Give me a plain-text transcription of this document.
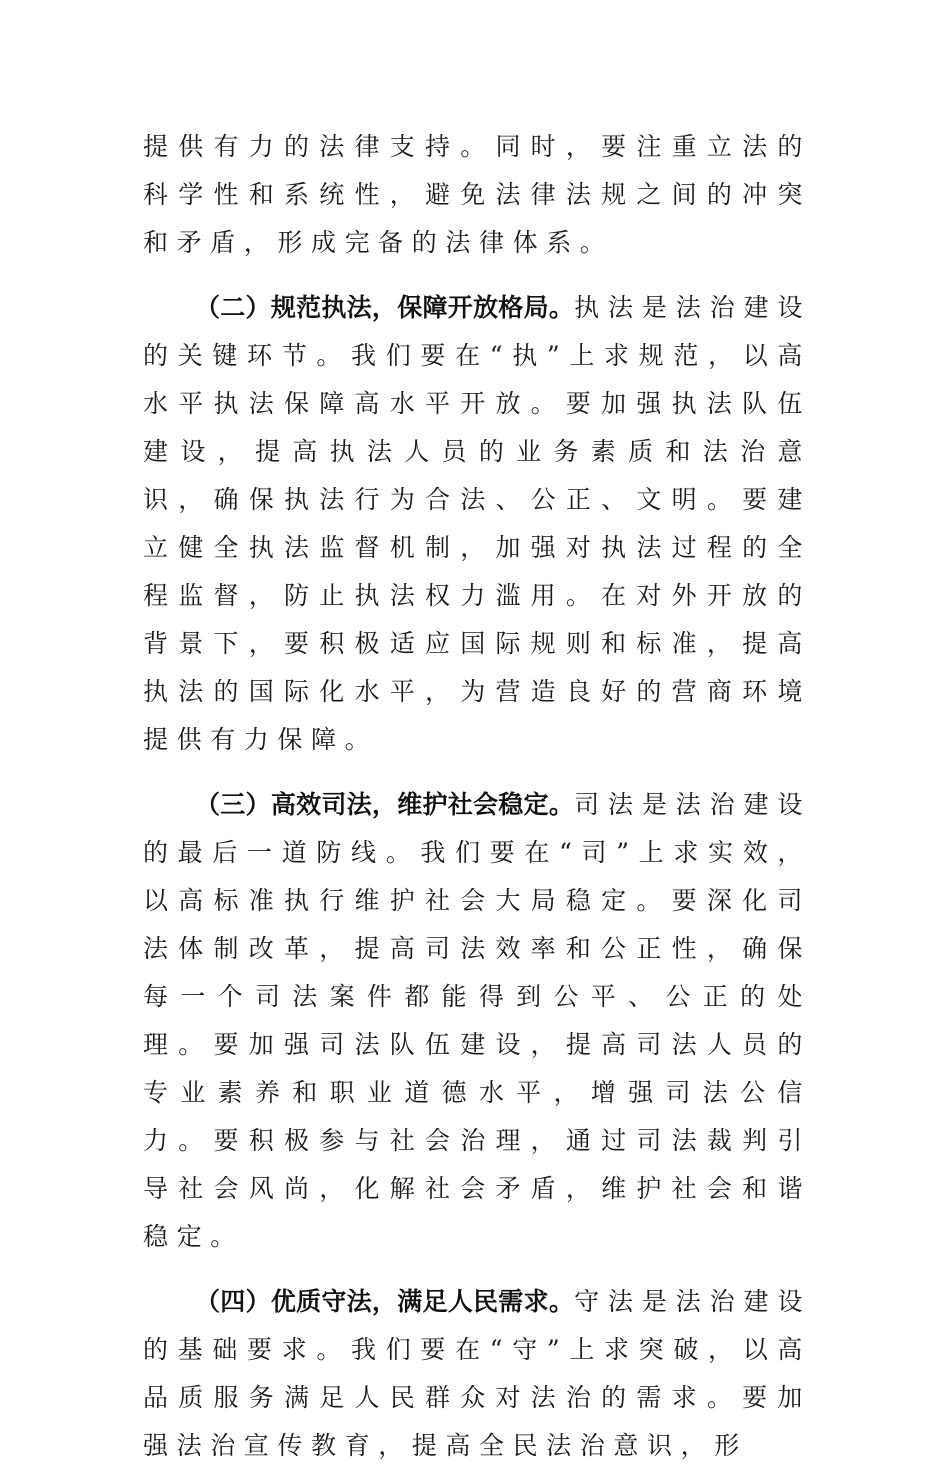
提供有力的法律支持。同时，要注重立法的科学性和系统性，避免法律法规之间的冲突和矛盾，形成完备的法律体系。

（二）规范执法，保障开放格局。执法是法治建设的关键环节。我们要在“执”上求规范，以高水平执法保障高水平开放。要加强执法队伍建设，提高执法人员的业务素质和法治意识，确保执法行为合法、公正、文明。要建立健全执法监督机制，加强对执法过程的全程监督，防止执法权力滥用。在对外开放的背景下，要积极适应国际规则和标准，提高执法的国际化水平，为营造良好的营商环境提供有力保障。

（三）高效司法，维护社会稳定。司法是法治建设的最后一道防线。我们要在“司”上求实效，以高标准执行维护社会大局稳定。要深化司法体制改革，提高司法效率和公正性，确保每一个司法案件都能得到公平、公正的处理。要加强司法队伍建设，提高司法人员的专业素养和职业道德水平，增强司法公信力。要积极参与社会治理，通过司法裁判引导社会风尚，化解社会矛盾，维护社会和谐稳定。

（四）优质守法，满足人民需求。守法是法治建设的基础要求。我们要在“守”上求突破，以高品质服务满足人民群众对法治的需求。要加强法治宣传教育，提高全民法治意识，形
